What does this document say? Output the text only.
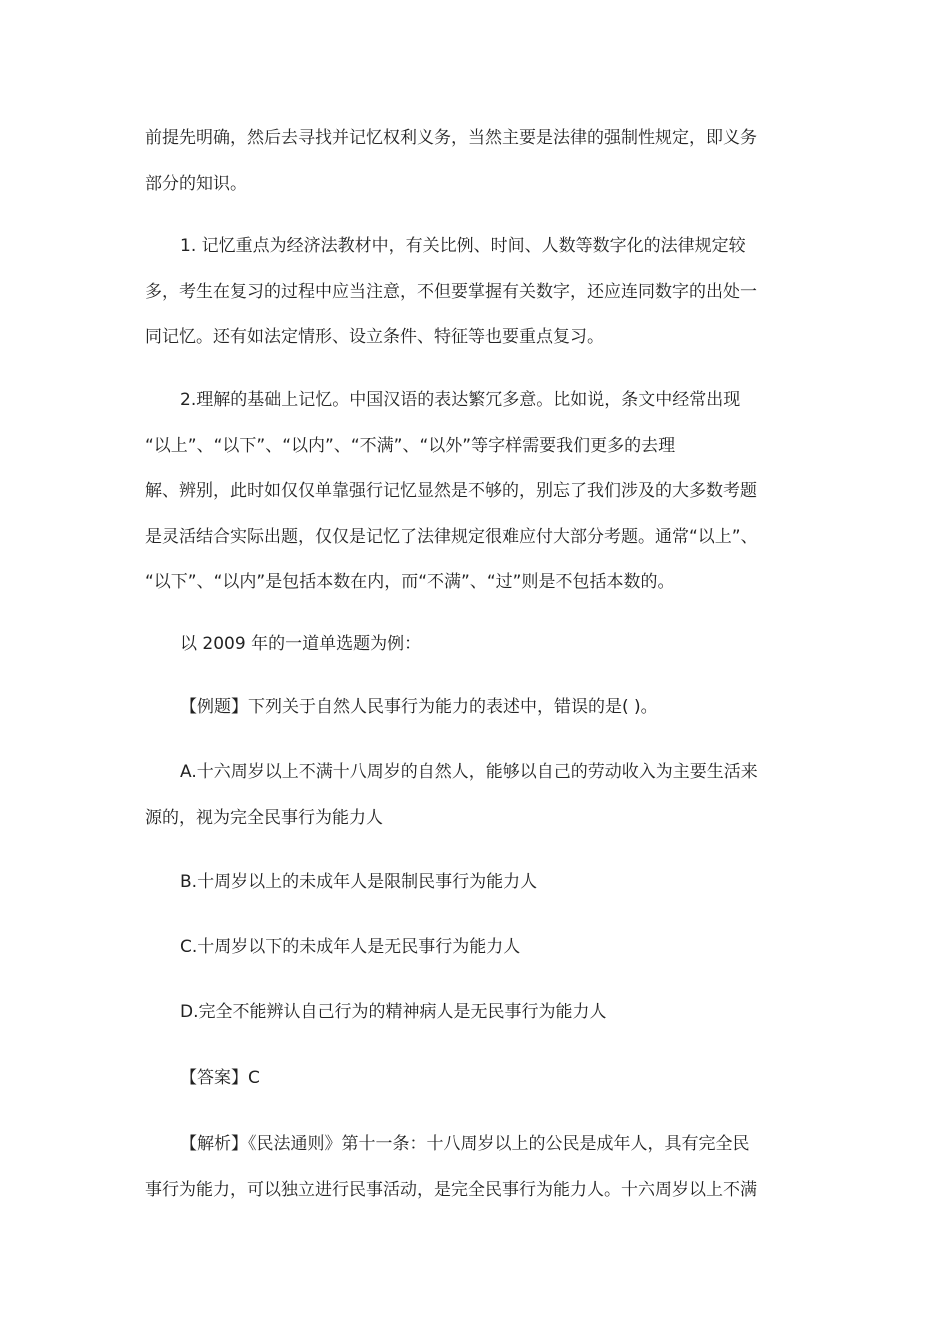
前提先明确，然后去寻找并记忆权利义务，当然主要是法律的强制性规定，即义务
部分的知识。
1. 记忆重点为经济法教材中，有关比例、时间、人数等数字化的法律规定较
多，考生在复习的过程中应当注意，不但要掌握有关数字，还应连同数字的出处一
同记忆。还有如法定情形、设立条件、特征等也要重点复习。
2.理解的基础上记忆。中国汉语的表达繁冗多意。比如说，条文中经常出现
“以上”、“以下”、“以内”、“不满”、“以外”等字样需要我们更多的去理
解、辨别，此时如仅仅单靠强行记忆显然是不够的，别忘了我们涉及的大多数考题
是灵活结合实际出题，仅仅是记忆了法律规定很难应付大部分考题。通常“以上”、
“以下”、“以内”是包括本数在内，而“不满”、“过”则是不包括本数的。
以 2009 年的一道单选题为例：
【例题】下列关于自然人民事行为能力的表述中，错误的是( )。
A.十六周岁以上不满十八周岁的自然人，能够以自己的劳动收入为主要生活来
源的，视为完全民事行为能力人
B.十周岁以上的未成年人是限制民事行为能力人
C.十周岁以下的未成年人是无民事行为能力人
D.完全不能辨认自己行为的精神病人是无民事行为能力人
【答案】C
【解析】《民法通则》第十一条：十八周岁以上的公民是成年人，具有完全民
事行为能力，可以独立进行民事活动，是完全民事行为能力人。十六周岁以上不满
